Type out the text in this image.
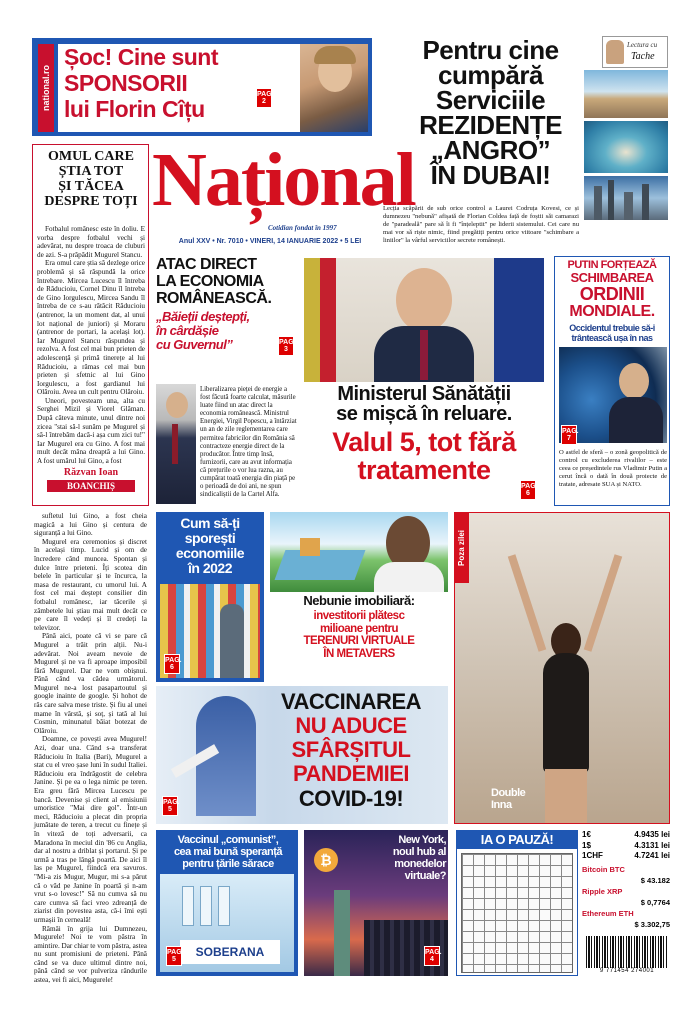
national.ro
Șoc! Cine sunt
SPONSORII
lui Florin Cîțu
PAG.
2
Pentru cine
cumpără
Serviciile
REZIDENȚE
„ANGRO”
ÎN DUBAI!
Lectura cu
Tache
Lecția scăpării de sub orice control a Laurei Codruța Kovesi, ce și dumnezeu "nebună" afișată de Florian Coldea față de foștii săi camarazi de "paradeală" pare să îi fi "înțeleptit" pe liderii sistemului. Cei care nu mai vor să riște nimic, fiind pregătiți pentru orice viitoare "schimbare a liniilor" la vârful serviciilor secrete românești.
Național
Cotidian fondat în 1997
Anul XXV • Nr. 7010 • VINERI, 14 IANUARIE 2022 • 5 LEI
OMUL CARE
ȘTIA TOT
ȘI TĂCEA
DESPRE TOȚI

Fotbalul românesc este în doliu. E vorba despre fotbalul vechi și adevărat, nu despre troaca de cluburi de azi. S-a prăpădit Mugurel Stancu.

Era omul care știa să dezlege orice problemă și să răspundă la orice întrebare. Mircea Lucescu îl întreba de Răducioiu, Cornel Dinu îl întreba de Gino Iorgulescu, Mircea Sandu îl întreba de ce s-au rătăcit Răducioiu (antrenor, la un moment dat, al unui lot național de juniori) și Moraru (antrenor de portari, la același lot). Iar Mugurel Stancu răspundea și rezolva. A fost cel mai bun prieten de adolescență și primă tinerețe al lui Răducioiu, a rămas cel mai bun prieten și sfetnic al lui Gino Iorgulescu, a fost gardianul lui Olăroiu. Avea un cult pentru Olăroiu.

Uneori, povesteam una, alta cu Serghei Mizil și Viorel Glăman. După câteva minute, unul dintre noi zicea "stai să-l sunăm pe Mugurel și să-l întrebăm dacă-i așa cum zici tu!" Iar Mugurel era cu Gino. A fost mai mult decât mâna dreaptă a lui Gino. A fost umărul lui Gino, a fost

Răzvan Ioan
BOANCHIȘ

sufletul lui Gino, a fost cheia magică a lui Gino și centura de siguranță a lui Gino.

Mugurel era ceremonios și discret în același timp. Lucid și om de încredere când muncea. Spontan și dulce între prieteni. Îți scotea din belele în particular și te încurca, la masa de restaurant, cu umorul lui. A fost cel mai deștept consilier din fotbalul românesc, iar tăcerile și zâmbetele lui știau mai mult decât ce pe care îl vedeți și îl credeți la televizor.

Până aici, poate că vi se pare că Mugurel a trăit prin alții. Nu-i adevărat. Noi aveam nevoie de Mugurel și ne va fi aproape imposibil fără Mugurel. Dar ne vom obișnui. Până când va cădea următorul. Mugurel ne-a lost pasapartoutul și google inainte de google. Și hohot de râs care salva mese triste. Și fiu al unei mame în vârstă, și soț, și tată al lui Cosmin, minunatul băiat botezat de Olăroiu.

Doamne, ce povești avea Mugurel! Azi, doar una. Când s-a transferat Răducioiu în Italia (Bari), Mugurel a stat cu el vreo șase luni în sudul Italiei. Răducioiu era îndrăgostit de celebra Janine. Și pe ea o lega nimic pe teren. Era greu fără Mircea Lucescu pe bancă. Devenise și client al emisiunii umoristice "Mai dire gol". Într-un meci, Răducioiu a plecat din propria jumătate de teren, a trecut cu finețe și în viteză de toți adversarii, ca Maradona în meciul din '86 cu Anglia, dar al nostru a driblat și portarul. Și pe urmă a tras pe lângă poartă. De aici îl las pe Mugurel, fiindcă era savuros. "Mi-a zis Mugur, Mugur, mi s-a părut că o văd pe Janine în poartă și n-am vrut s-o lovesc!" Să nu cumva să nu care cumva să faci vreo zdreanță de ziarist din povestea asta, că-i îmi ești urmașii în cerneală!

Rămâi în grija lui Dumnezeu, Mugurele! Noi te vom păstra în amintire. Dar chiar te vom păstra, astea nu sunt promisiuni de prieteni. Până când se va duce ultimul dintre noi, până când se vor pulveriza rândurile astea, vei fi aici, Mugurele!

ATAC DIRECT
LA ECONOMIA
ROMÂNEASCĂ.
„Băieții deștepți,
în cârdășie
cu Guvernul”	PAG.
3
Liberalizarea pieței de energie a fost făcută foarte calculat, măsurile luate fiind un atac direct la economia românească. Ministrul Energiei, Virgil Popescu, a întârziat un an de zile reglementarea care permitea fabricilor din România să contracteze energie direct de la producător. Între timp însă, furnizorii, care au avut informația că prețurile o vor lua razna, au cumpărat toată energia din piață pe o perioadă de doi ani, ne spun sindicaliștii de la Cartel Alfa.
Ministerul Sănătății
se mișcă în reluare.
Valul 5, tot fără
tratamente
PAG.
6
PUTIN FORȚEAZĂ
SCHIMBAREA
ORDINII
MONDIALE.
Occidentul trebuie să-i
trântească ușa în nas
PAG.
7
O astfel de sferă – o zonă geopolitică de control cu excluderea rivalilor – este ceea ce președintele rus Vladimir Putin a cerut încă o dată în două proiecte de tratate, adresate SUA și NATO.
Cum să-ți
sporești
economiile
în 2022
PAG.
6
Nebunie imobiliară:
investitorii plătesc
milioane pentru
TERENURI VIRTUALE
ÎN METAVERS
VACCINAREA
NU ADUCE
SFÂRȘITUL
PANDEMIEI
COVID-19!
PAG.
5
Poza zilei
Double
Inna
Vaccinul „comunist”,
cea mai bună speranță
pentru țările sărace
SOBERANA
PAG.
5
₿
New York,
noul hub al
monedelor
virtuale?
PAG.
4
IA O PAUZĂ!	1€	4.9435 lei
1$	4.3131 lei
1CHF	4.7241 lei
Bitcoin BTC
$ 43.182
Ripple XRP
$ 0,7764
Ethereum ETH
$ 3.302,75
9 771454 274001
